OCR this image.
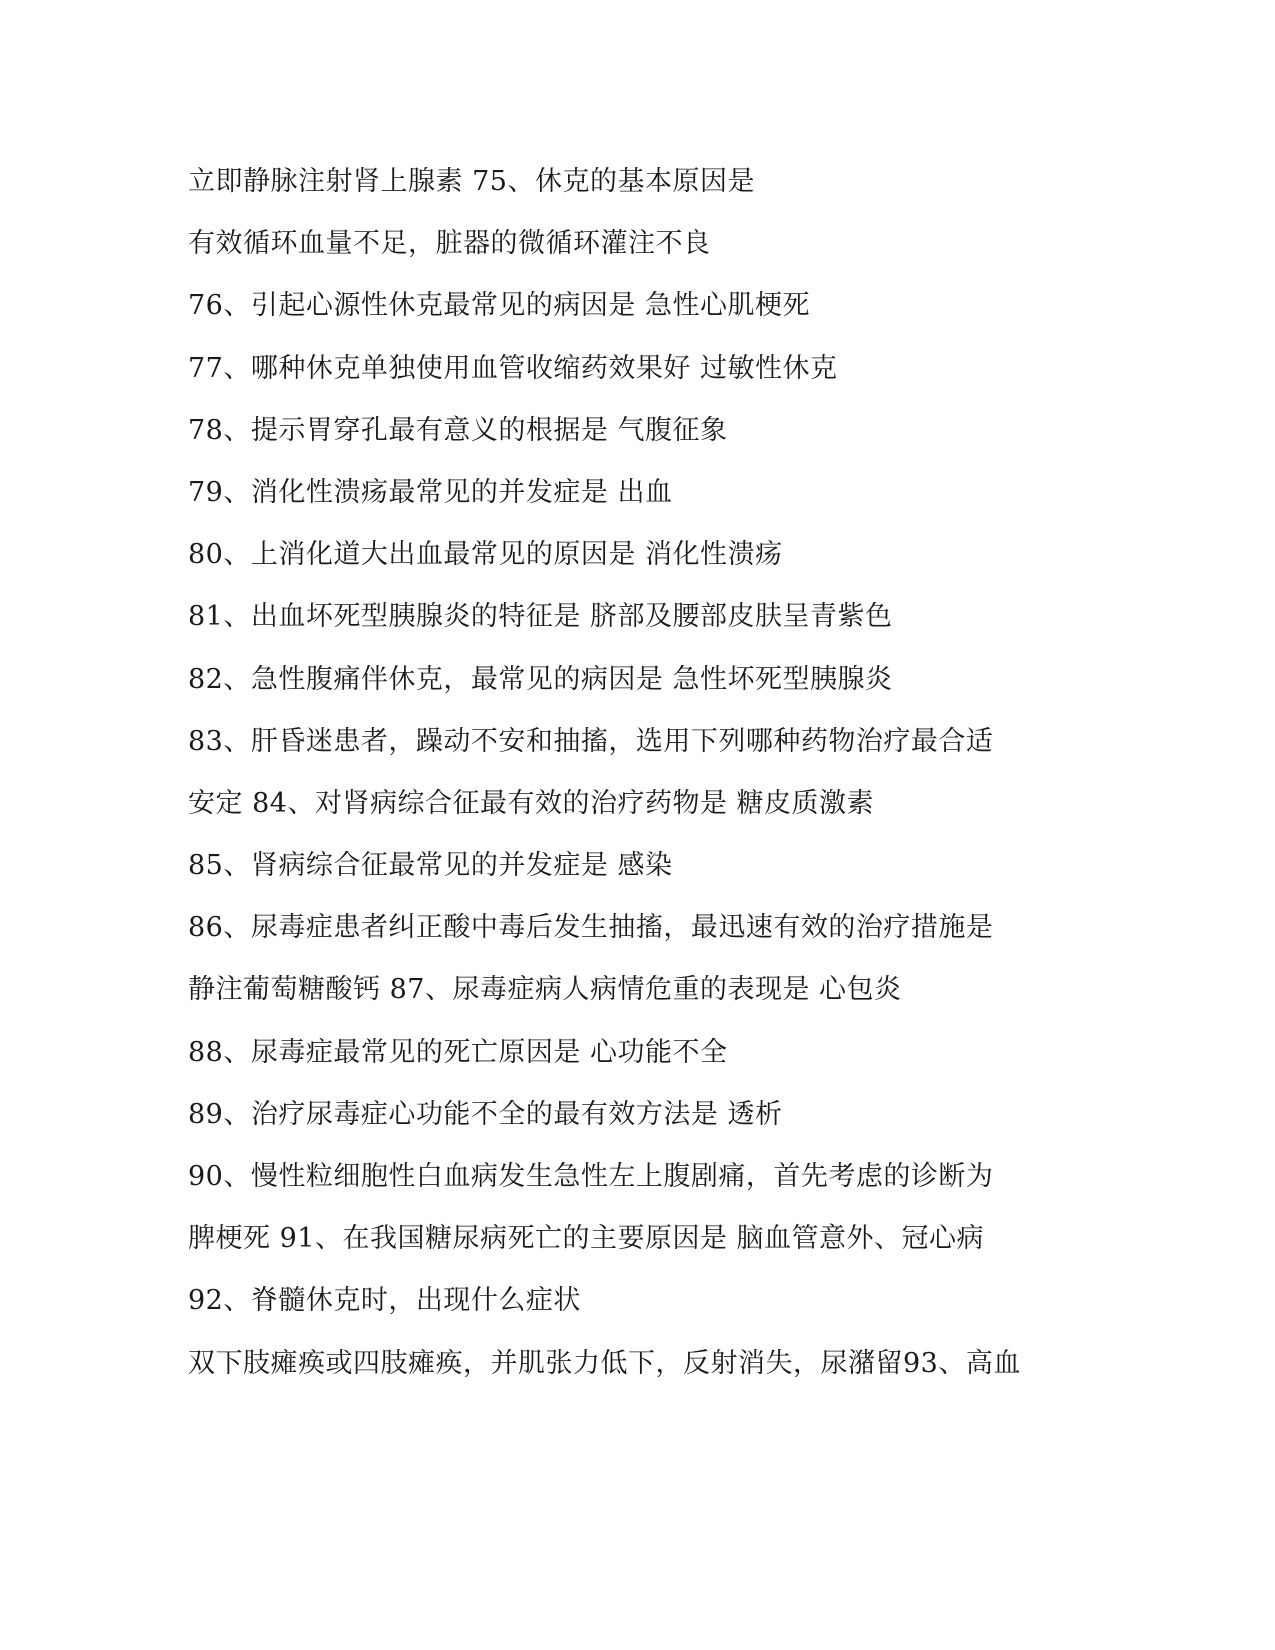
立即静脉注射肾上腺素 75、休克的基本原因是
有效循环血量不足，脏器的微循环灌注不良
76、引起心源性休克最常见的病因是 急性心肌梗死
77、哪种休克单独使用血管收缩药效果好 过敏性休克
78、提示胃穿孔最有意义的根据是 气腹征象
79、消化性溃疡最常见的并发症是 出血
80、上消化道大出血最常见的原因是 消化性溃疡
81、出血坏死型胰腺炎的特征是 脐部及腰部皮肤呈青紫色
82、急性腹痛伴休克，最常见的病因是 急性坏死型胰腺炎
83、肝昏迷患者，躁动不安和抽搐，选用下列哪种药物治疗最合适
安定 84、对肾病综合征最有效的治疗药物是 糖皮质激素
85、肾病综合征最常见的并发症是 感染
86、尿毒症患者纠正酸中毒后发生抽搐，最迅速有效的治疗措施是
静注葡萄糖酸钙 87、尿毒症病人病情危重的表现是 心包炎
88、尿毒症最常见的死亡原因是 心功能不全
89、治疗尿毒症心功能不全的最有效方法是 透析
90、慢性粒细胞性白血病发生急性左上腹剧痛，首先考虑的诊断为
脾梗死 91、在我国糖尿病死亡的主要原因是 脑血管意外、冠心病
92、脊髓休克时，出现什么症状
双下肢瘫痪或四肢瘫痪，并肌张力低下，反射消失，尿潴留93、高血
